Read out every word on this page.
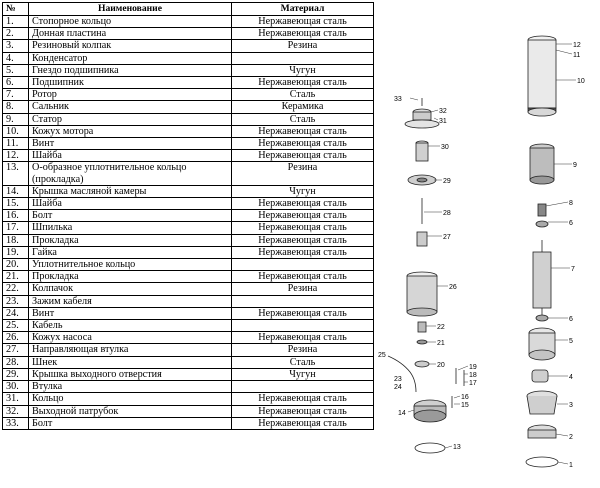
№	Наименование	Материал
1.	Стопорное кольцо	Нержавеющая сталь
2.	Донная пластина	Нержавеющая сталь
3.	Резиновый колпак	Резина
4.	Конденсатор	
5.	Гнездо подшипника	Чугун
6.	Подшипник	Нержавеющая сталь
7.	Ротор	Сталь
8.	Сальник	Керамика
9.	Статор	Сталь
10.	Кожух мотора	Нержавеющая сталь
11.	Винт	Нержавеющая сталь
12.	Шайба	Нержавеющая сталь
13.	О-образное уплотнительное кольцо (прокладка)	Резина
14.	Крышка масляной камеры	Чугун
15.	Шайба	Нержавеющая сталь
16.	Болт	Нержавеющая сталь
17.	Шпилька	Нержавеющая сталь
18.	Прокладка	Нержавеющая сталь
19.	Гайка	Нержавеющая сталь
20.	Уплотнительное кольцо	
21.	Прокладка	Нержавеющая сталь
22.	Колпачок	Резина
23.	Зажим кабеля	
24.	Винт	Нержавеющая сталь
25.	Кабель	
26.	Кожух насоса	Нержавеющая сталь
27.	Направляющая втулка	Резина
28.	Шнек	Сталь
29.	Крышка выходного отверстия	Чугун
30.	Втулка	
31.	Кольцо	Нержавеющая сталь
32.	Выходной патрубок	Нержавеющая сталь
33.	Болт	Нержавеющая сталь
1
2
3
4
5
6
7
6
8
9
10
11
12
13
14
15
16
17
18
19
20
21
22
23
24
25
26
27
28
29
30
31
32
33
